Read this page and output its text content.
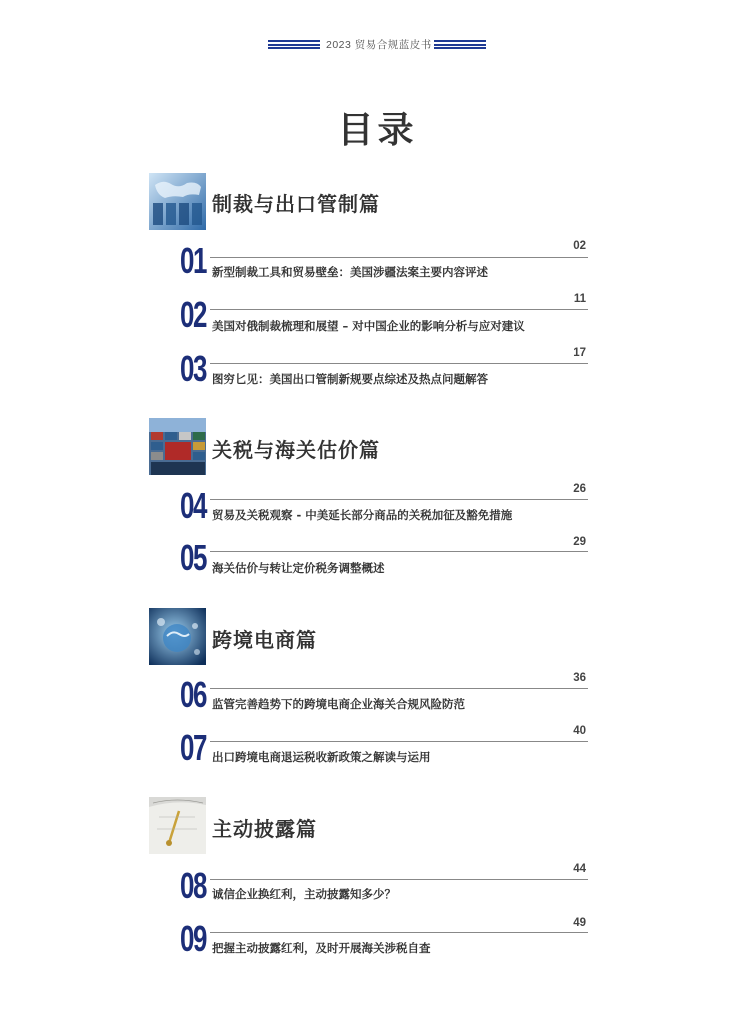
2023 贸易合规蓝皮书
目录
制裁与出口管制篇
02
01 新型制裁工具和贸易壁垒：美国涉疆法案主要内容评述
11
02 美国对俄制裁梳理和展望 – 对中国企业的影响分析与应对建议
17
03 图穷匕见：美国出口管制新规要点综述及热点问题解答
关税与海关估价篇
26
04 贸易及关税观察 - 中美延长部分商品的关税加征及豁免措施
29
05 海关估价与转让定价税务调整概述
跨境电商篇
36
06 监管完善趋势下的跨境电商企业海关合规风险防范
40
07 出口跨境电商退运税收新政策之解读与运用
主动披露篇
44
08 诚信企业换红利，主动披露知多少？
49
09 把握主动披露红利，及时开展海关涉税自查
